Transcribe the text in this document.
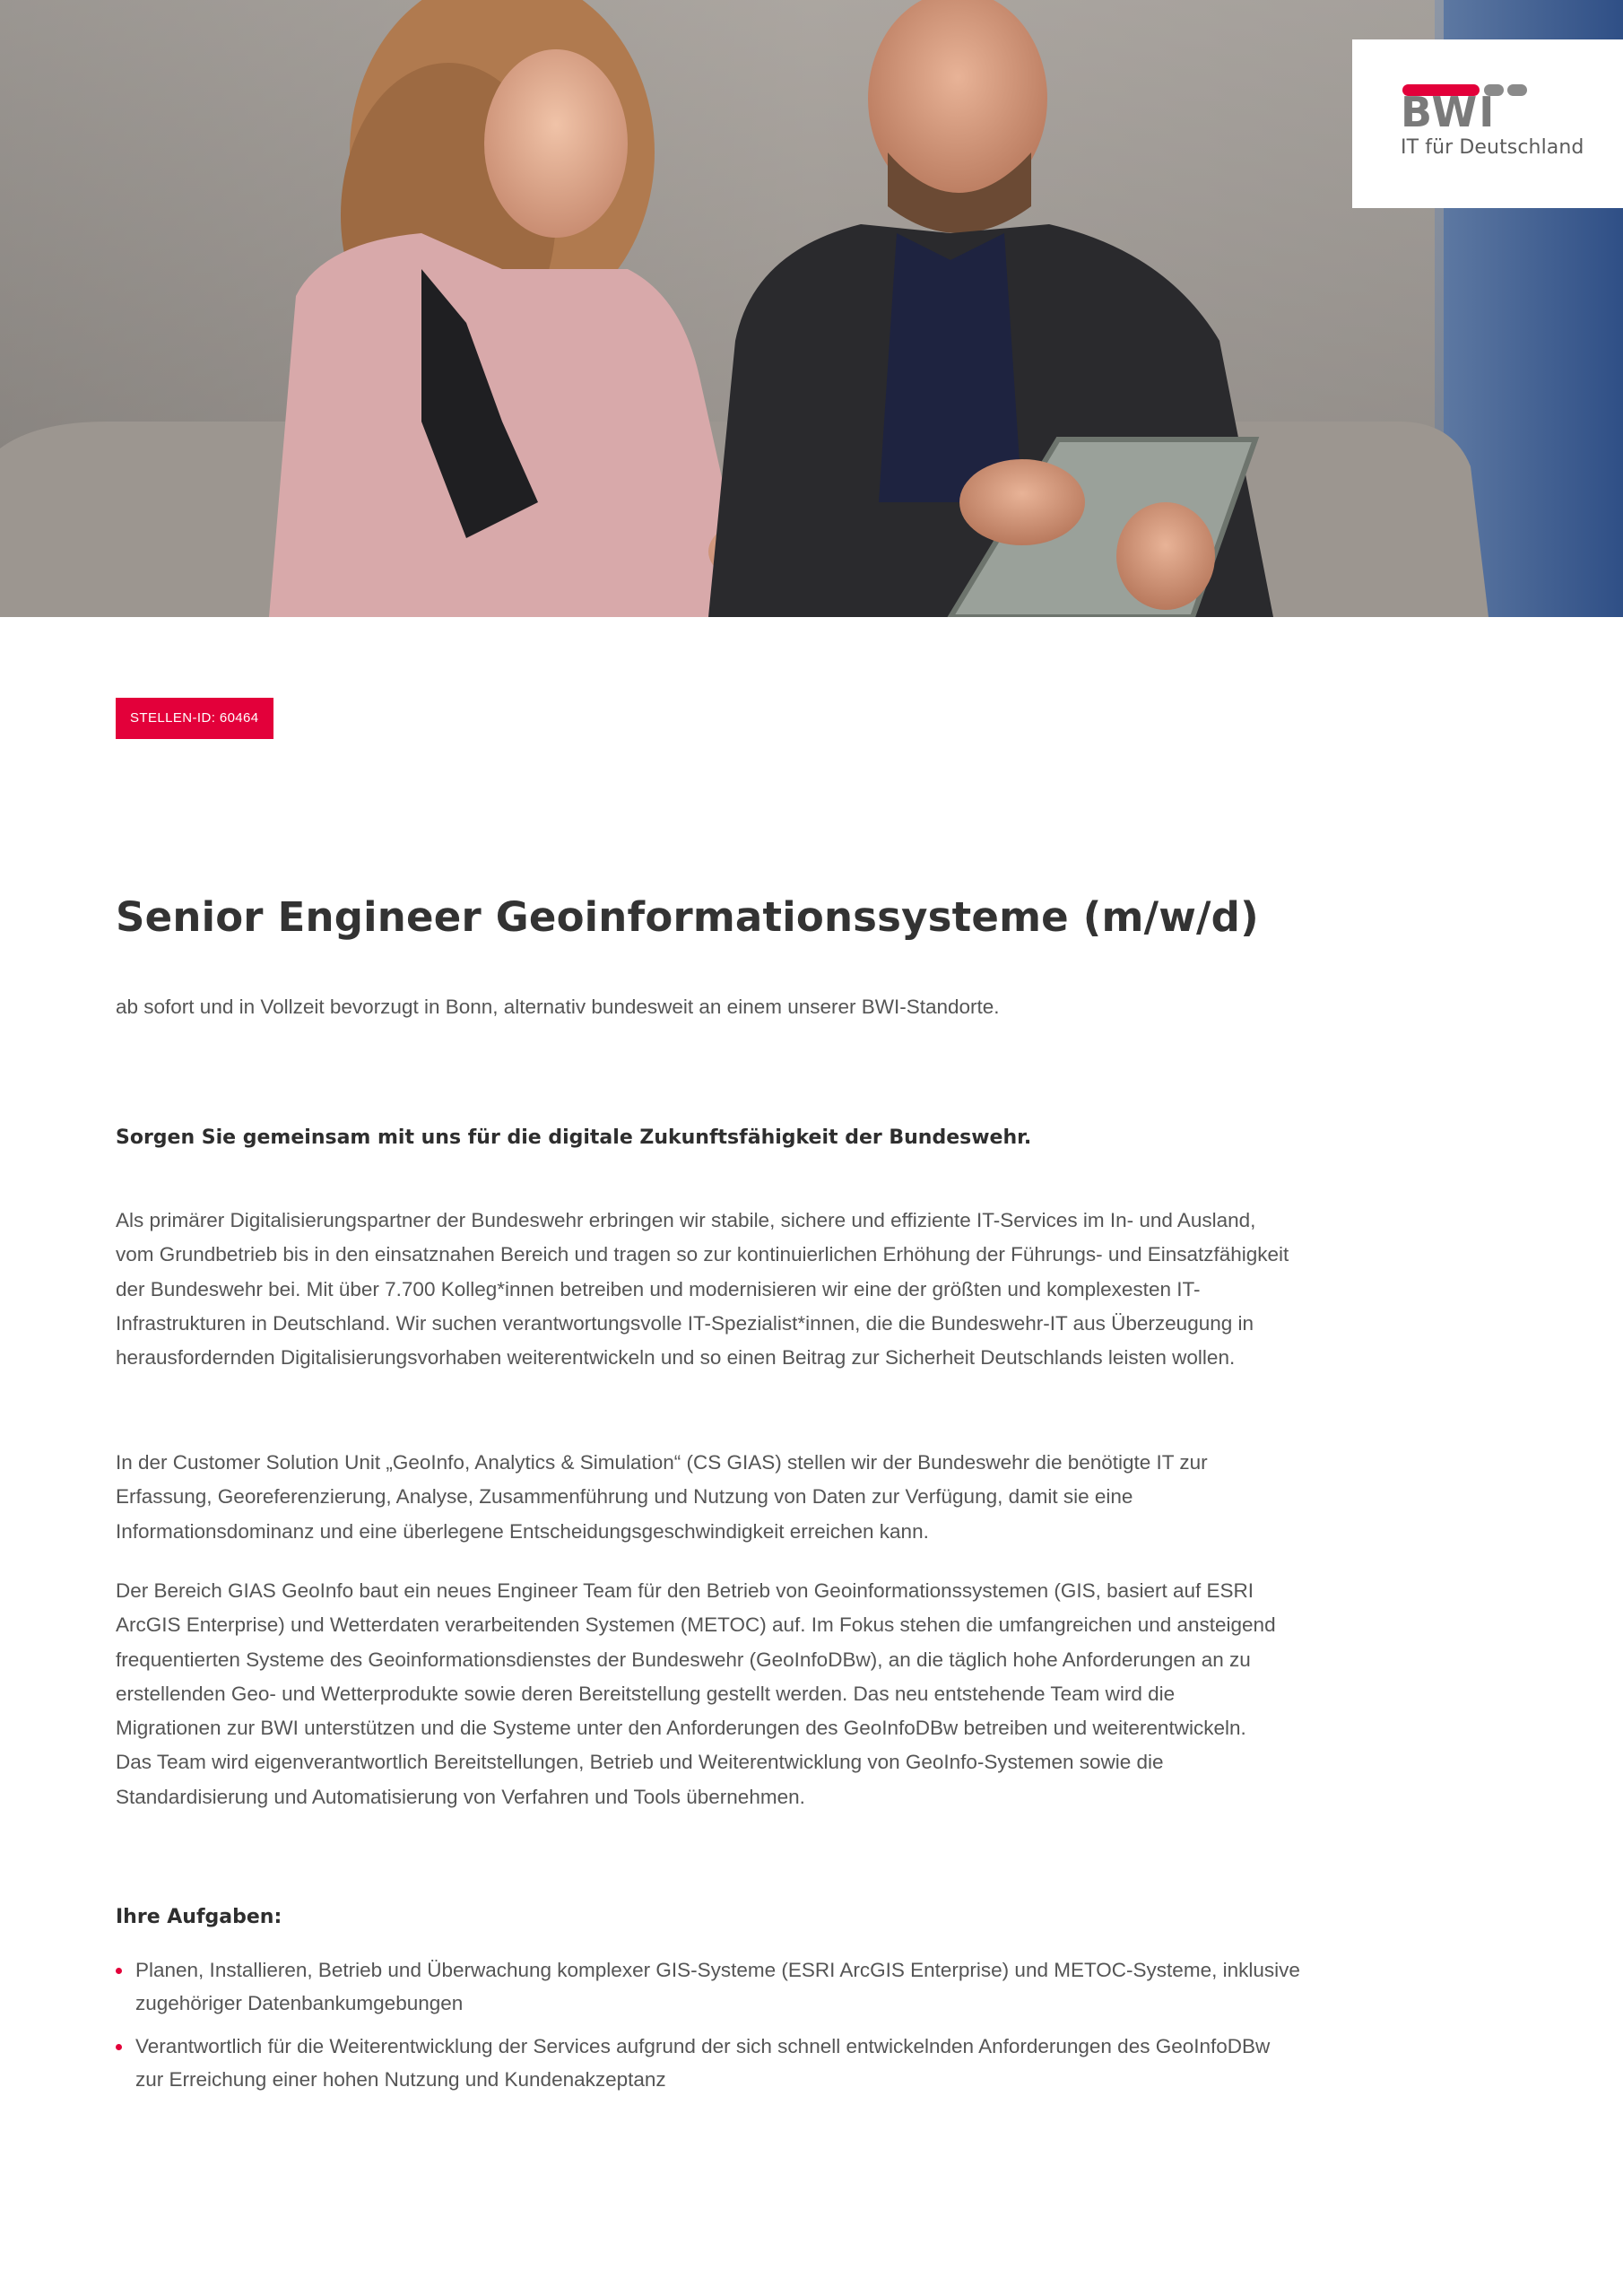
BWI
IT für Deutschland
STELLEN-ID: 60464
Senior Engineer Geoinformationssysteme (m/w/d)

ab sofort und in Vollzeit bevorzugt in Bonn, alternativ bundesweit an einem unserer BWI-Standorte.

Sorgen Sie gemeinsam mit uns für die digitale Zukunftsfähigkeit der Bundeswehr.

Als primärer Digitalisierungspartner der Bundeswehr erbringen wir stabile, sichere und effiziente IT-Services im In- und Ausland,
vom Grundbetrieb bis in den einsatznahen Bereich und tragen so zur kontinuierlichen Erhöhung der Führungs- und Einsatzfähigkeit
der Bundeswehr bei. Mit über 7.700 Kolleg*innen betreiben und modernisieren wir eine der größten und komplexesten IT-
Infrastrukturen in Deutschland. Wir suchen verantwortungsvolle IT-Spezialist*innen, die die Bundeswehr-IT aus Überzeugung in
herausfordernden Digitalisierungsvorhaben weiterentwickeln und so einen Beitrag zur Sicherheit Deutschlands leisten wollen.

In der Customer Solution Unit „GeoInfo, Analytics & Simulation“ (CS GIAS) stellen wir der Bundeswehr die benötigte IT zur
Erfassung, Georeferenzierung, Analyse, Zusammenführung und Nutzung von Daten zur Verfügung, damit sie eine
Informationsdominanz und eine überlegene Entscheidungsgeschwindigkeit erreichen kann.

Der Bereich GIAS GeoInfo baut ein neues Engineer Team für den Betrieb von Geoinformationssystemen (GIS, basiert auf ESRI
ArcGIS Enterprise) und Wetterdaten verarbeitenden Systemen (METOC) auf. Im Fokus stehen die umfangreichen und ansteigend
frequentierten Systeme des Geoinformationsdienstes der Bundeswehr (GeoInfoDBw), an die täglich hohe Anforderungen an zu
erstellenden Geo- und Wetterprodukte sowie deren Bereitstellung gestellt werden. Das neu entstehende Team wird die
Migrationen zur BWI unterstützen und die Systeme unter den Anforderungen des GeoInfoDBw betreiben und weiterentwickeln.
Das Team wird eigenverantwortlich Bereitstellungen, Betrieb und Weiterentwicklung von GeoInfo-Systemen sowie die
Standardisierung und Automatisierung von Verfahren und Tools übernehmen.

Ihre Aufgaben:

Planen, Installieren, Betrieb und Überwachung komplexer GIS-Systeme (ESRI ArcGIS Enterprise) und METOC-Systeme, inklusive
zugehöriger Datenbankumgebungen
Verantwortlich für die Weiterentwicklung der Services aufgrund der sich schnell entwickelnden Anforderungen des GeoInfoDBw
zur Erreichung einer hohen Nutzung und Kundenakzeptanz
